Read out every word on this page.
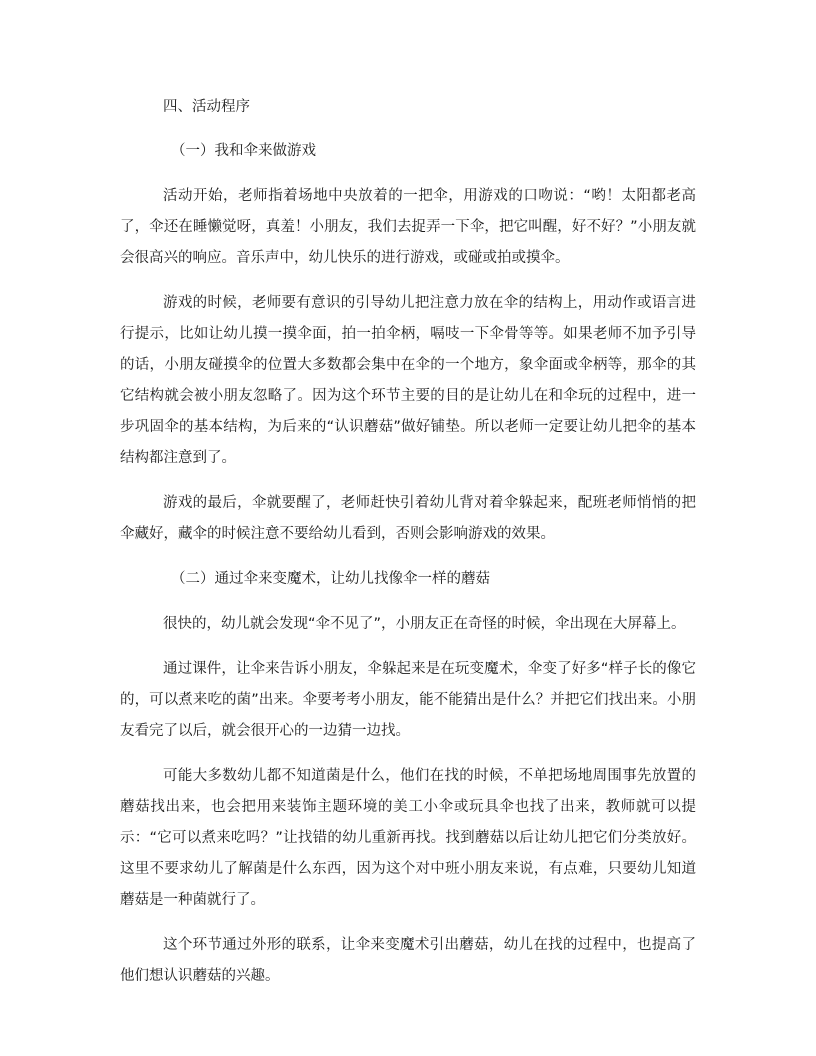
四、活动程序
（一）我和伞来做游戏

活动开始，老师指着场地中央放着的一把伞，用游戏的口吻说：“哟！太阳都老高了，伞还在睡懒觉呀，真羞！小朋友，我们去捉弄一下伞，把它叫醒，好不好？”小朋友就会很高兴的响应。音乐声中，幼儿快乐的进行游戏，或碰或拍或摸伞。

游戏的时候，老师要有意识的引导幼儿把注意力放在伞的结构上，用动作或语言进行提示，比如让幼儿摸一摸伞面，拍一拍伞柄，嗝吱一下伞骨等等。如果老师不加予引导的话，小朋友碰摸伞的位置大多数都会集中在伞的一个地方，象伞面或伞柄等，那伞的其它结构就会被小朋友忽略了。因为这个环节主要的目的是让幼儿在和伞玩的过程中，进一步巩固伞的基本结构，为后来的“认识蘑菇”做好铺垫。所以老师一定要让幼儿把伞的基本结构都注意到了。

游戏的最后，伞就要醒了，老师赶快引着幼儿背对着伞躲起来，配班老师悄悄的把伞藏好，藏伞的时候注意不要给幼儿看到，否则会影响游戏的效果。

（二）通过伞来变魔术，让幼儿找像伞一样的蘑菇

很快的，幼儿就会发现“伞不见了”，小朋友正在奇怪的时候，伞出现在大屏幕上。

通过课件，让伞来告诉小朋友，伞躲起来是在玩变魔术，伞变了好多“样子长的像它的，可以煮来吃的菌”出来。伞要考考小朋友，能不能猜出是什么？并把它们找出来。小朋友看完了以后，就会很开心的一边猜一边找。

可能大多数幼儿都不知道菌是什么，他们在找的时候，不单把场地周围事先放置的蘑菇找出来，也会把用来装饰主题环境的美工小伞或玩具伞也找了出来，教师就可以提示：“它可以煮来吃吗？”让找错的幼儿重新再找。找到蘑菇以后让幼儿把它们分类放好。这里不要求幼儿了解菌是什么东西，因为这个对中班小朋友来说，有点难，只要幼儿知道蘑菇是一种菌就行了。

这个环节通过外形的联系，让伞来变魔术引出蘑菇，幼儿在找的过程中，也提高了他们想认识蘑菇的兴趣。
